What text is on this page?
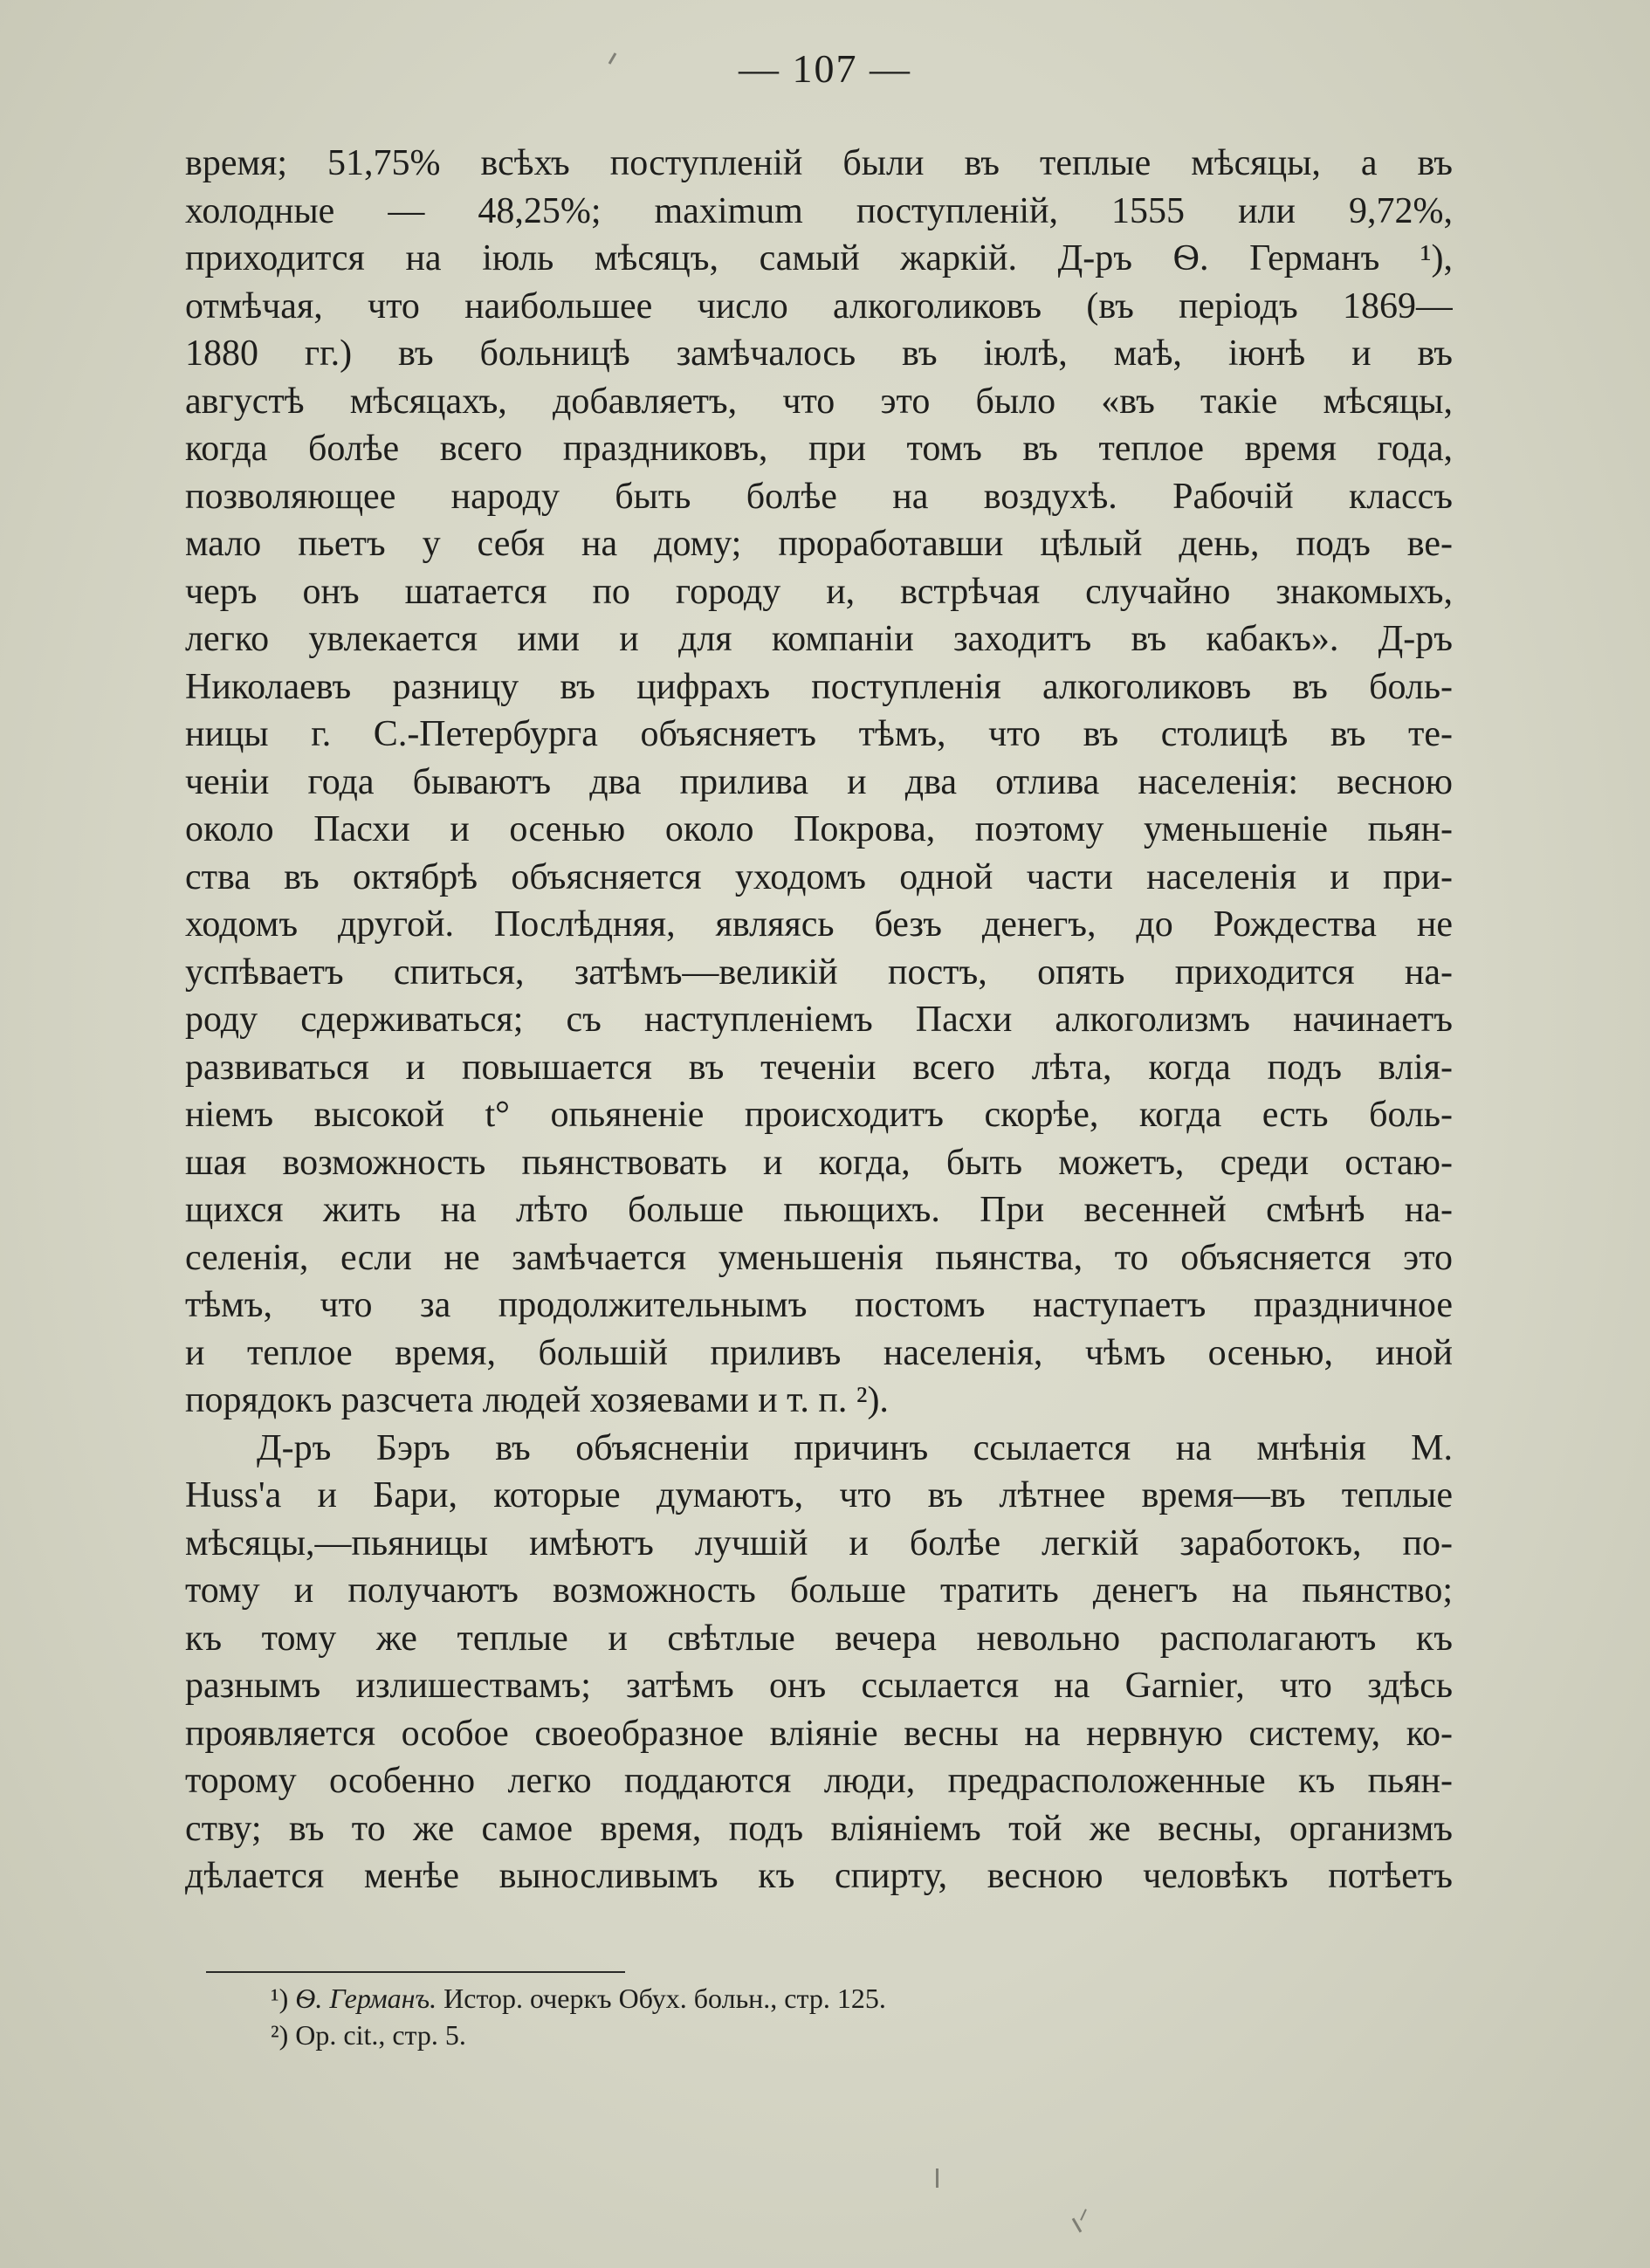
— 107 —
время; 51,75% всѣхъ поступленій были въ теплые мѣсяцы, а въ
холодные — 48,25%; maximum поступленій, 1555 или 9,72%,
приходится на іюль мѣсяцъ, самый жаркій. Д-ръ Ѳ. Германъ ¹),
отмѣчая, что наибольшее число алкоголиковъ (въ періодъ 1869—
1880 гг.) въ больницѣ замѣчалось въ іюлѣ, маѣ, іюнѣ и въ
августѣ мѣсяцахъ, добавляетъ, что это было «въ такіе мѣсяцы,
когда болѣе всего праздниковъ, при томъ въ теплое время года,
позволяющее народу быть болѣе на воздухѣ. Рабочій классъ
мало пьетъ у себя на дому; проработавши цѣлый день, подъ ве-
черъ онъ шатается по городу и, встрѣчая случайно знакомыхъ,
легко увлекается ими и для компаніи заходитъ въ кабакъ». Д-ръ
Николаевъ разницу въ цифрахъ поступленія алкоголиковъ въ боль-
ницы г. С.-Петербурга объясняетъ тѣмъ, что въ столицѣ въ те-
ченіи года бываютъ два прилива и два отлива населенія: весною
около Пасхи и осенью около Покрова, поэтому уменьшеніе пьян-
ства въ октябрѣ объясняется уходомъ одной части населенія и при-
ходомъ другой. Послѣдняя, являясь безъ денегъ, до Рождества не
успѣваетъ спиться, затѣмъ—великій постъ, опять приходится на-
роду сдерживаться; съ наступленіемъ Пасхи алкоголизмъ начинаетъ
развиваться и повышается въ теченіи всего лѣта, когда подъ влія-
ніемъ высокой t° опьяненіе происходитъ скорѣе, когда есть боль-
шая возможность пьянствовать и когда, быть можетъ, среди остаю-
щихся жить на лѣто больше пьющихъ. При весенней смѣнѣ на-
селенія, если не замѣчается уменьшенія пьянства, то объясняется это
тѣмъ, что за продолжительнымъ постомъ наступаетъ праздничное
и теплое время, большій приливъ населенія, чѣмъ осенью, иной
порядокъ разсчета людей хозяевами и т. п. ²).
Д-ръ Бэръ въ объясненіи причинъ ссылается на мнѣнія М.
Huss'а и Бари, которые думаютъ, что въ лѣтнее время—въ теплые
мѣсяцы,—пьяницы имѣютъ лучшій и болѣе легкій заработокъ, по-
тому и получаютъ возможность больше тратить денегъ на пьянство;
къ тому же теплые и свѣтлые вечера невольно располагаютъ къ
разнымъ излишествамъ; затѣмъ онъ ссылается на Garnier, что здѣсь
проявляется особое своеобразное вліяніе весны на нервную систему, ко-
торому особенно легко поддаются люди, предрасположенные къ пьян-
ству; въ то же самое время, подъ вліяніемъ той же весны, организмъ
дѣлается менѣе выносливымъ къ спирту, весною человѣкъ потѣетъ
¹) Ѳ. Германъ. Истор. очеркъ Обух. больн., стр. 125.
²) Op. cit., стр. 5.
